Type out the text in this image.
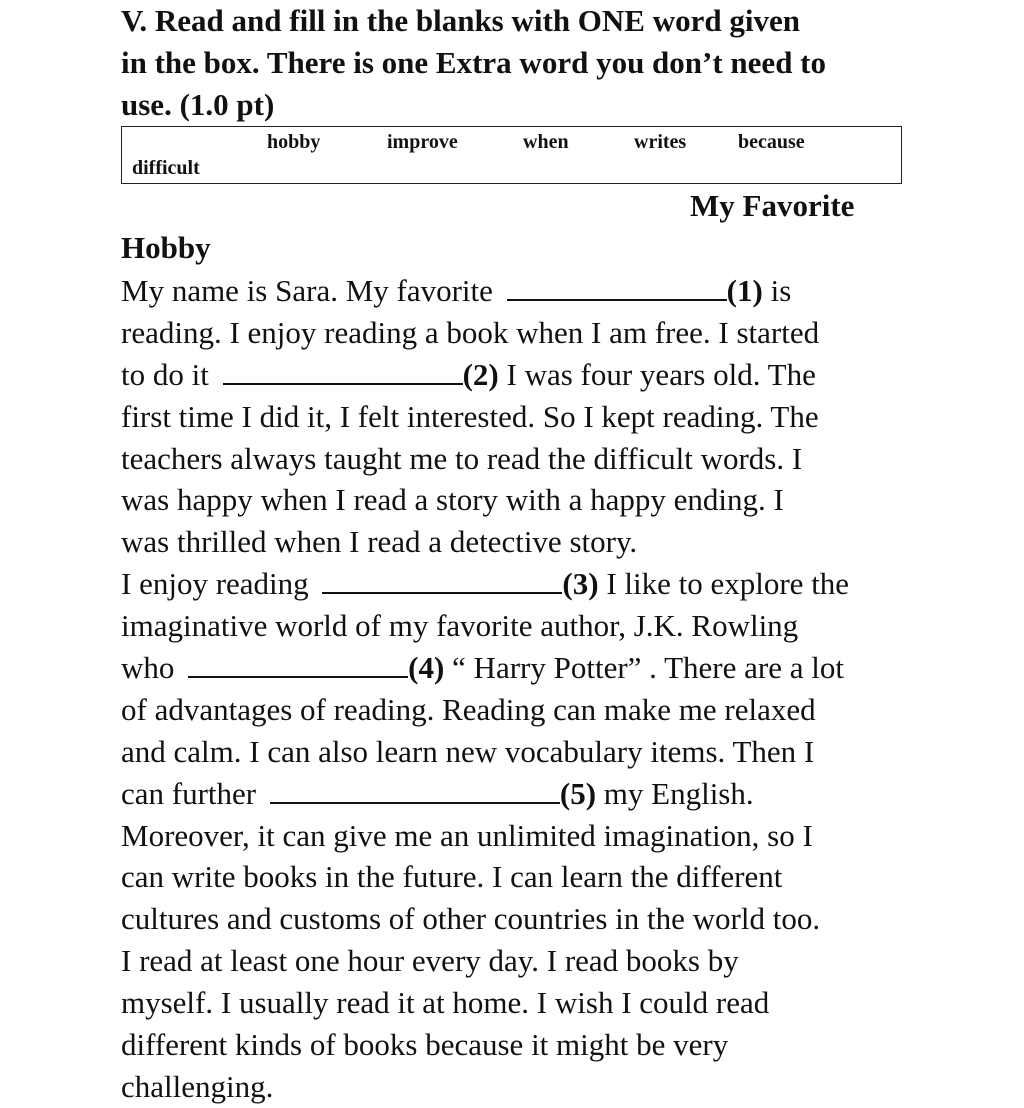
V. Read and fill in the blanks with ONE word given
in the box. There is one Extra word you don’t need to
use. (1.0 pt)
hobby	improve	when	writes	because
difficult
My Favorite
Hobby
My name is Sara. My favorite	(1) is
reading. I enjoy reading a book when I am free. I started
to do it	(2) I was four years old. The
first time I did it, I felt interested. So I kept reading. The
teachers always taught me to read the difficult words. I
was happy when I read a story with a happy ending. I
was thrilled when I read a detective story.
I enjoy reading	(3) I like to explore the
imaginative world of my favorite author, J.K. Rowling
who	(4) “ Harry Potter” . There are a lot
of advantages of reading. Reading can make me relaxed
and calm. I can also learn new vocabulary items. Then I
can further	(5) my English.
Moreover, it can give me an unlimited imagination, so I
can write books in the future. I can learn the different
cultures and customs of other countries in the world too.
I read at least one hour every day. I read books by
myself. I usually read it at home. I wish I could read
different kinds of books because it might be very
challenging.
